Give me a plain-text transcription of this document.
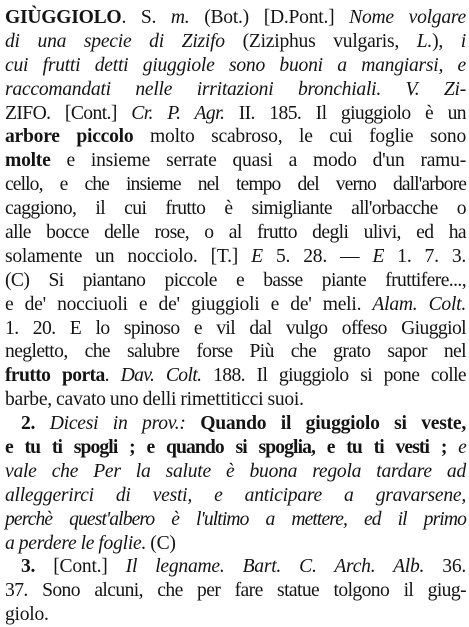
GIÙGGIOLO. S. m. (Bot.) [D.Pont.] Nome volgare
di una specie di Zizifo (Ziziphus vulgaris, L.), i
cui frutti detti giuggiole sono buoni a mangiarsi, e
raccomandati nelle irritazioni bronchiali. V. Zi-
ZIFO. [Cont.] Cr. P. Agr. II. 185. Il giuggiolo è un
arbore piccolo molto scabroso, le cui foglie sono
molte e insieme serrate quasi a modo d'un ramu-
cello, e che insieme nel tempo del verno dall'arbore
caggiono, il cui frutto è simigliante all'orbacche o
alle bocce delle rose, o al frutto degli ulivi, ed ha
solamente un nocciolo. [T.] E 5. 28. — E 1. 7. 3.
(C) Si piantano piccole e basse piante fruttifere...,
e de' nocciuoli e de' giuggioli e de' meli. Alam. Colt.
1. 20. E lo spinoso e vil dal vulgo offeso Giuggiol
negletto, che salubre forse Più che grato sapor nel
frutto porta. Dav. Colt. 188. Il giuggiolo si pone colle
barbe, cavato uno delli rimettiticci suoi.
2. Dicesi in prov.: Quando il giuggiolo si veste,
e tu ti spogli ; e quando si spoglia, e tu ti vesti ; e
vale che Per la salute è buona regola tardare ad
alleggerirci di vesti, e anticipare a gravarsene,
perchè quest'albero è l'ultimo a mettere, ed il primo
a perdere le foglie. (C)
3. [Cont.] Il legname. Bart. C. Arch. Alb. 36.
37. Sono alcuni, che per fare statue tolgono il giug-
giolo.
